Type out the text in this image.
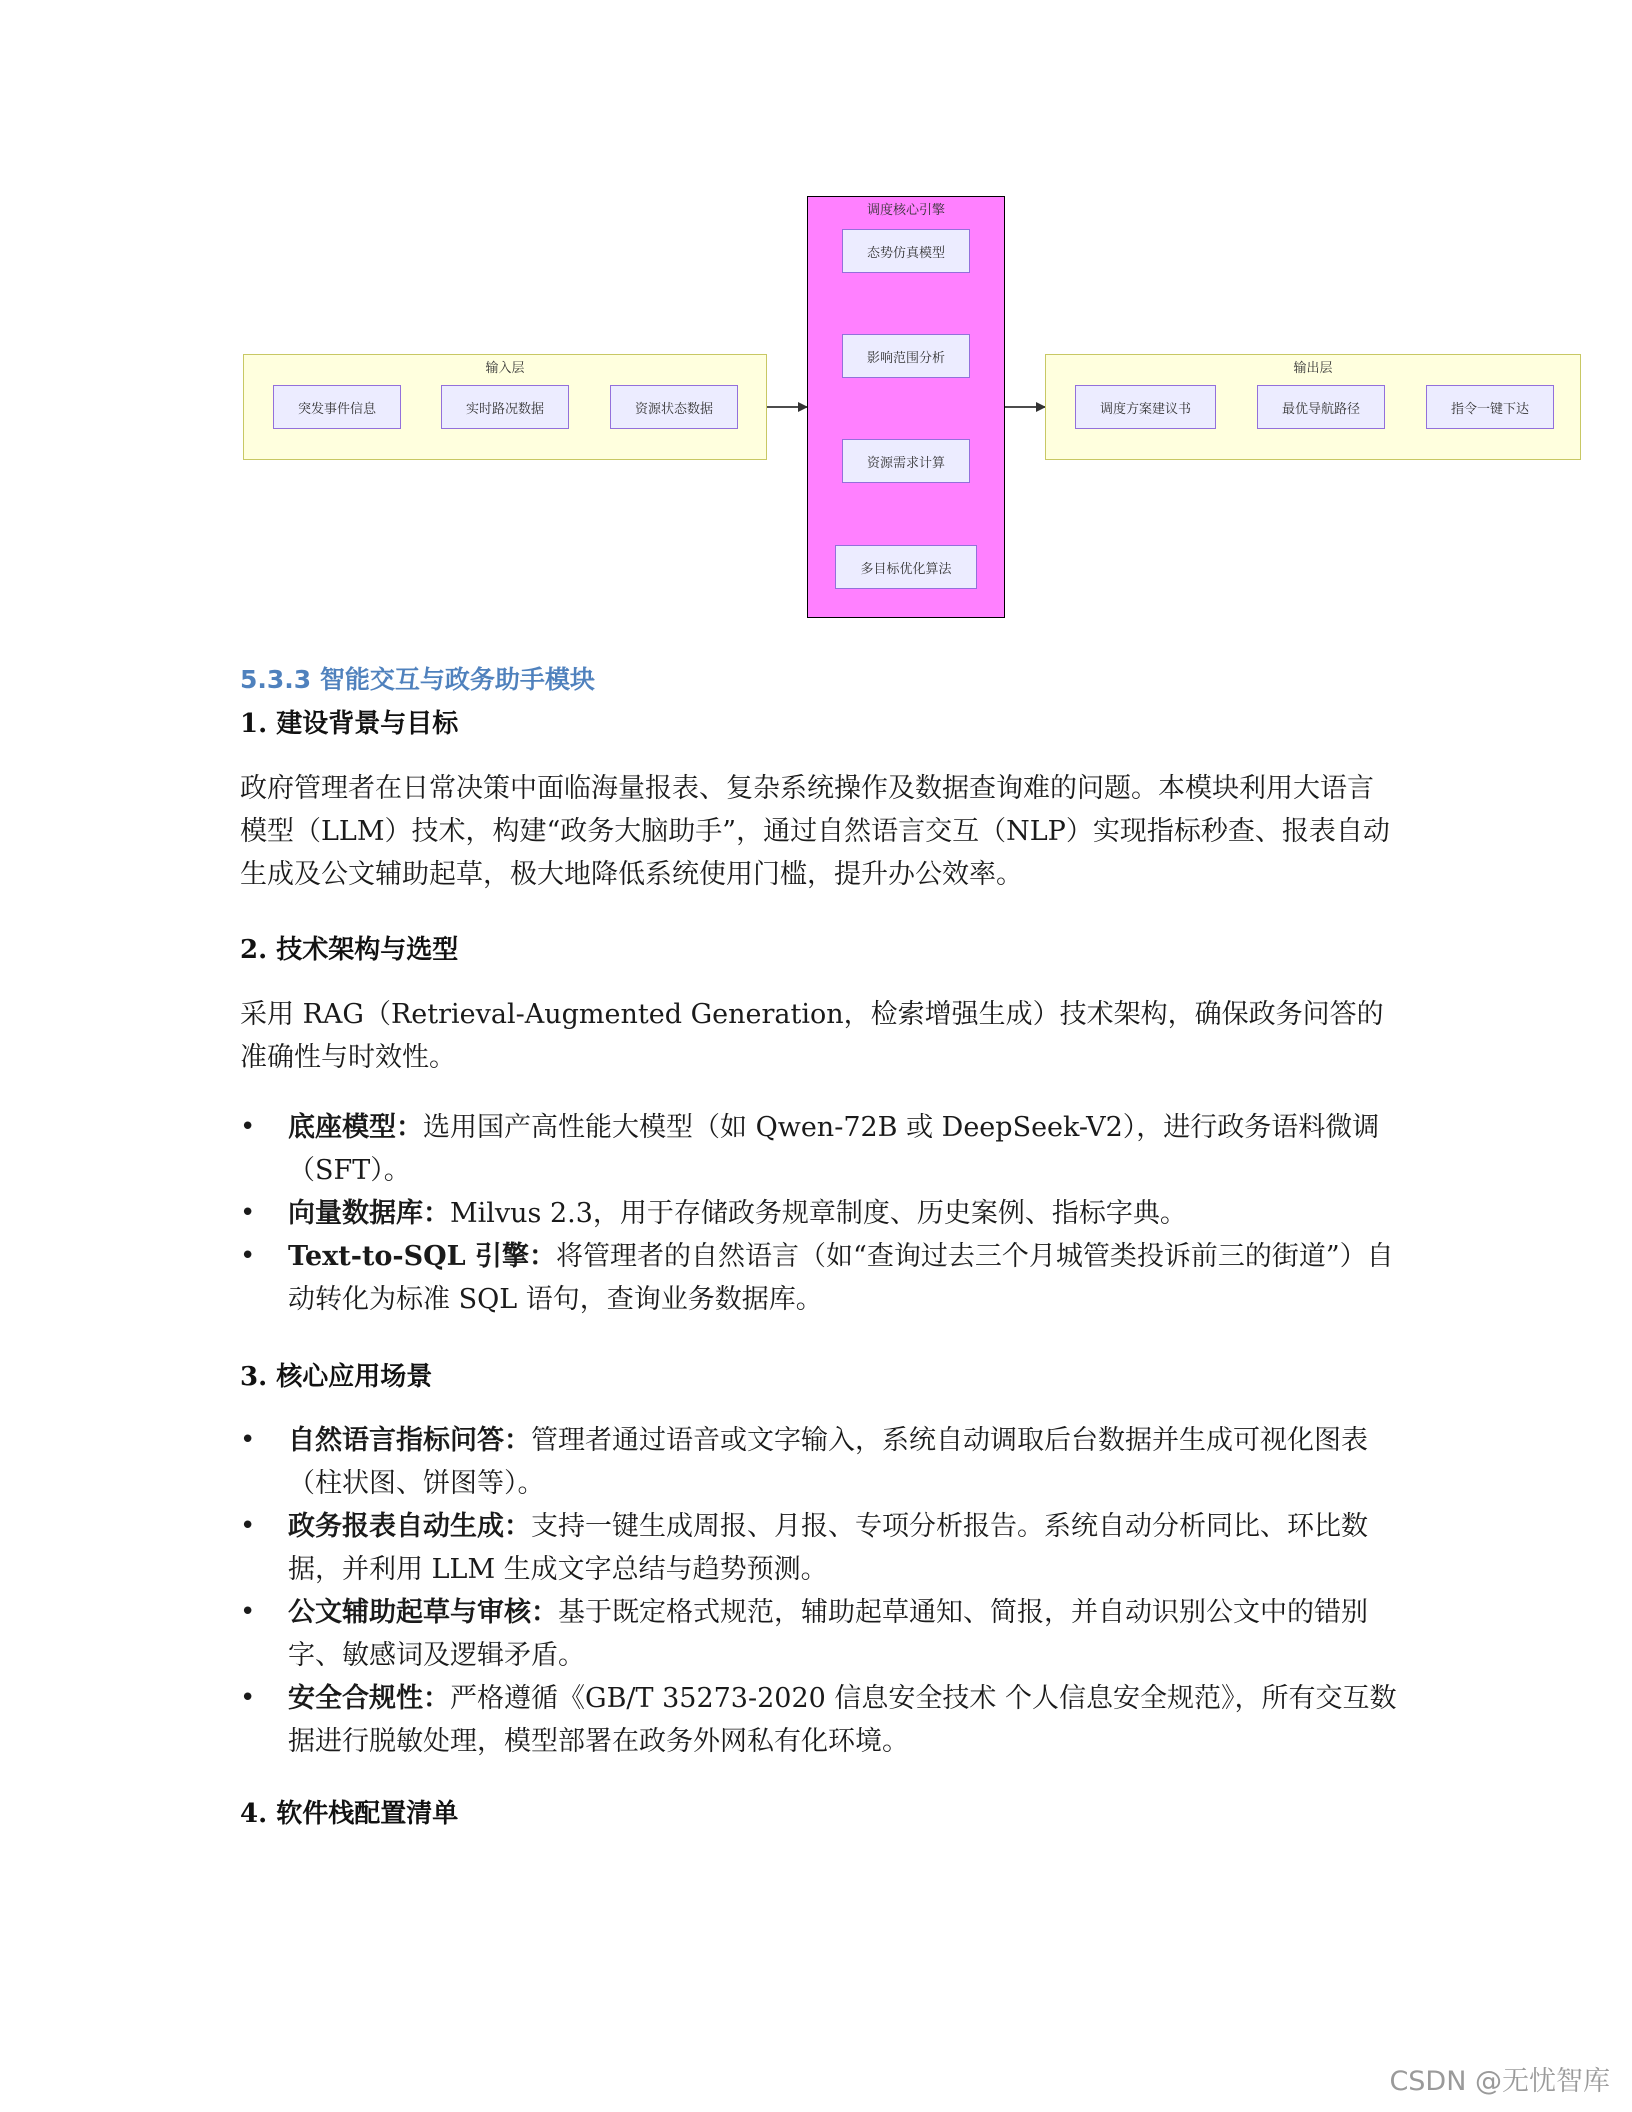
输入层
突发事件信息	实时路况数据	资源状态数据
调度核心引擎
态势仿真模型
影响范围分析
资源需求计算
多目标优化算法
输出层
调度方案建议书	最优导航路径	指令一键下达
5.3.3 智能交互与政务助手模块
1. 建设背景与目标
政府管理者在日常决策中面临海量报表、复杂系统操作及数据查询难的问题。本模块利用大语言模型（LLM）技术，构建“政务大脑助手”，通过自然语言交互（NLP）实现指标秒查、报表自动生成及公文辅助起草，极大地降低系统使用门槛，提升办公效率。
2. 技术架构与选型
采用 RAG（Retrieval-Augmented Generation，检索增强生成）技术架构，确保政务问答的准确性与时效性。
• 底座模型：选用国产高性能大模型（如 Qwen-72B 或 DeepSeek-V2），进行政务语料微调（SFT）。
• 向量数据库：Milvus 2.3，用于存储政务规章制度、历史案例、指标字典。
• Text-to-SQL 引擎：将管理者的自然语言（如“查询过去三个月城管类投诉前三的街道”）自动转化为标准 SQL 语句，查询业务数据库。
3. 核心应用场景
• 自然语言指标问答：管理者通过语音或文字输入，系统自动调取后台数据并生成可视化图表（柱状图、饼图等）。
• 政务报表自动生成：支持一键生成周报、月报、专项分析报告。系统自动分析同比、环比数据，并利用 LLM 生成文字总结与趋势预测。
• 公文辅助起草与审核：基于既定格式规范，辅助起草通知、简报，并自动识别公文中的错别字、敏感词及逻辑矛盾。
• 安全合规性：严格遵循《GB/T 35273-2020 信息安全技术 个人信息安全规范》，所有交互数据进行脱敏处理，模型部署在政务外网私有化环境。
4. 软件栈配置清单
CSDN @无忧智库
